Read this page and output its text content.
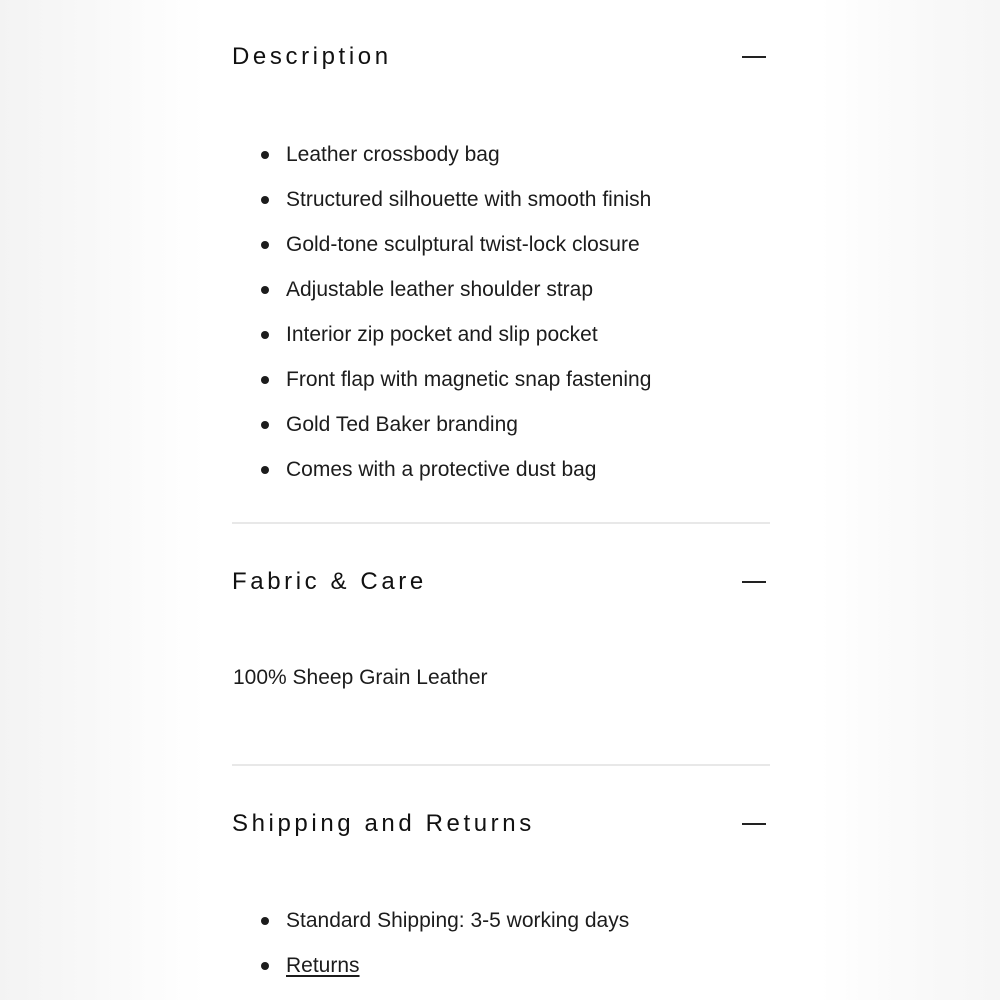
Description
Leather crossbody bag
Structured silhouette with smooth finish
Gold-tone sculptural twist-lock closure
Adjustable leather shoulder strap
Interior zip pocket and slip pocket
Front flap with magnetic snap fastening
Gold Ted Baker branding
Comes with a protective dust bag
Fabric & Care
100% Sheep Grain Leather
Shipping and Returns
Standard Shipping: 3-5 working days
Returns
